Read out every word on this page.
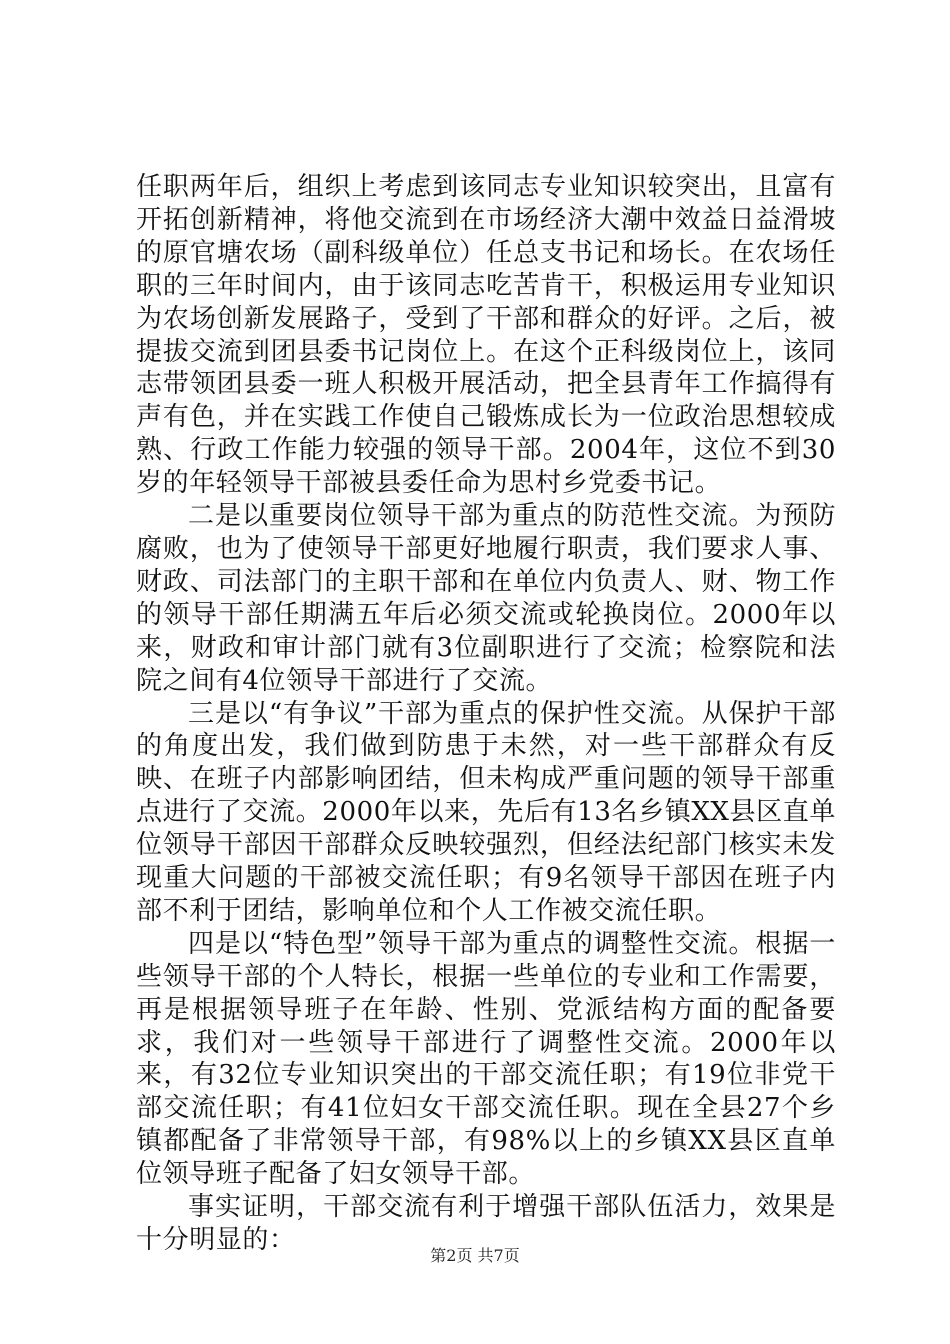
任职两年后，组织上考虑到该同志专业知识较突出，且富有开拓创新精神，将他交流到在市场经济大潮中效益日益滑坡的原官塘农场（副科级单位）任总支书记和场长。在农场任职的三年时间内，由于该同志吃苦肯干，积极运用专业知识为农场创新发展路子，受到了干部和群众的好评。之后，被提拔交流到团县委书记岗位上。在这个正科级岗位上，该同志带领团县委一班人积极开展活动，把全县青年工作搞得有声有色，并在实践工作使自己锻炼成长为一位政治思想较成熟、行政工作能力较强的领导干部。2004年，这位不到30岁的年轻领导干部被县委任命为思村乡党委书记。

二是以重要岗位领导干部为重点的防范性交流。为预防腐败，也为了使领导干部更好地履行职责，我们要求人事、财政、司法部门的主职干部和在单位内负责人、财、物工作的领导干部任期满五年后必须交流或轮换岗位。2000年以来，财政和审计部门就有3位副职进行了交流；检察院和法院之间有4位领导干部进行了交流。

三是以“有争议”干部为重点的保护性交流。从保护干部的角度出发，我们做到防患于未然，对一些干部群众有反映、在班子内部影响团结，但未构成严重问题的领导干部重点进行了交流。2000年以来，先后有13名乡镇XX县区直单位领导干部因干部群众反映较强烈，但经法纪部门核实未发现重大问题的干部被交流任职；有9名领导干部因在班子内部不利于团结，影响单位和个人工作被交流任职。

四是以“特色型”领导干部为重点的调整性交流。根据一些领导干部的个人特长，根据一些单位的专业和工作需要，再是根据领导班子在年龄、性别、党派结构方面的配备要求，我们对一些领导干部进行了调整性交流。2000年以来，有32位专业知识突出的干部交流任职；有19位非党干部交流任职；有41位妇女干部交流任职。现在全县27个乡镇都配备了非常领导干部，有98%以上的乡镇XX县区直单位领导班子配备了妇女领导干部。

事实证明，干部交流有利于增强干部队伍活力，效果是十分明显的：

第2页 共7页
